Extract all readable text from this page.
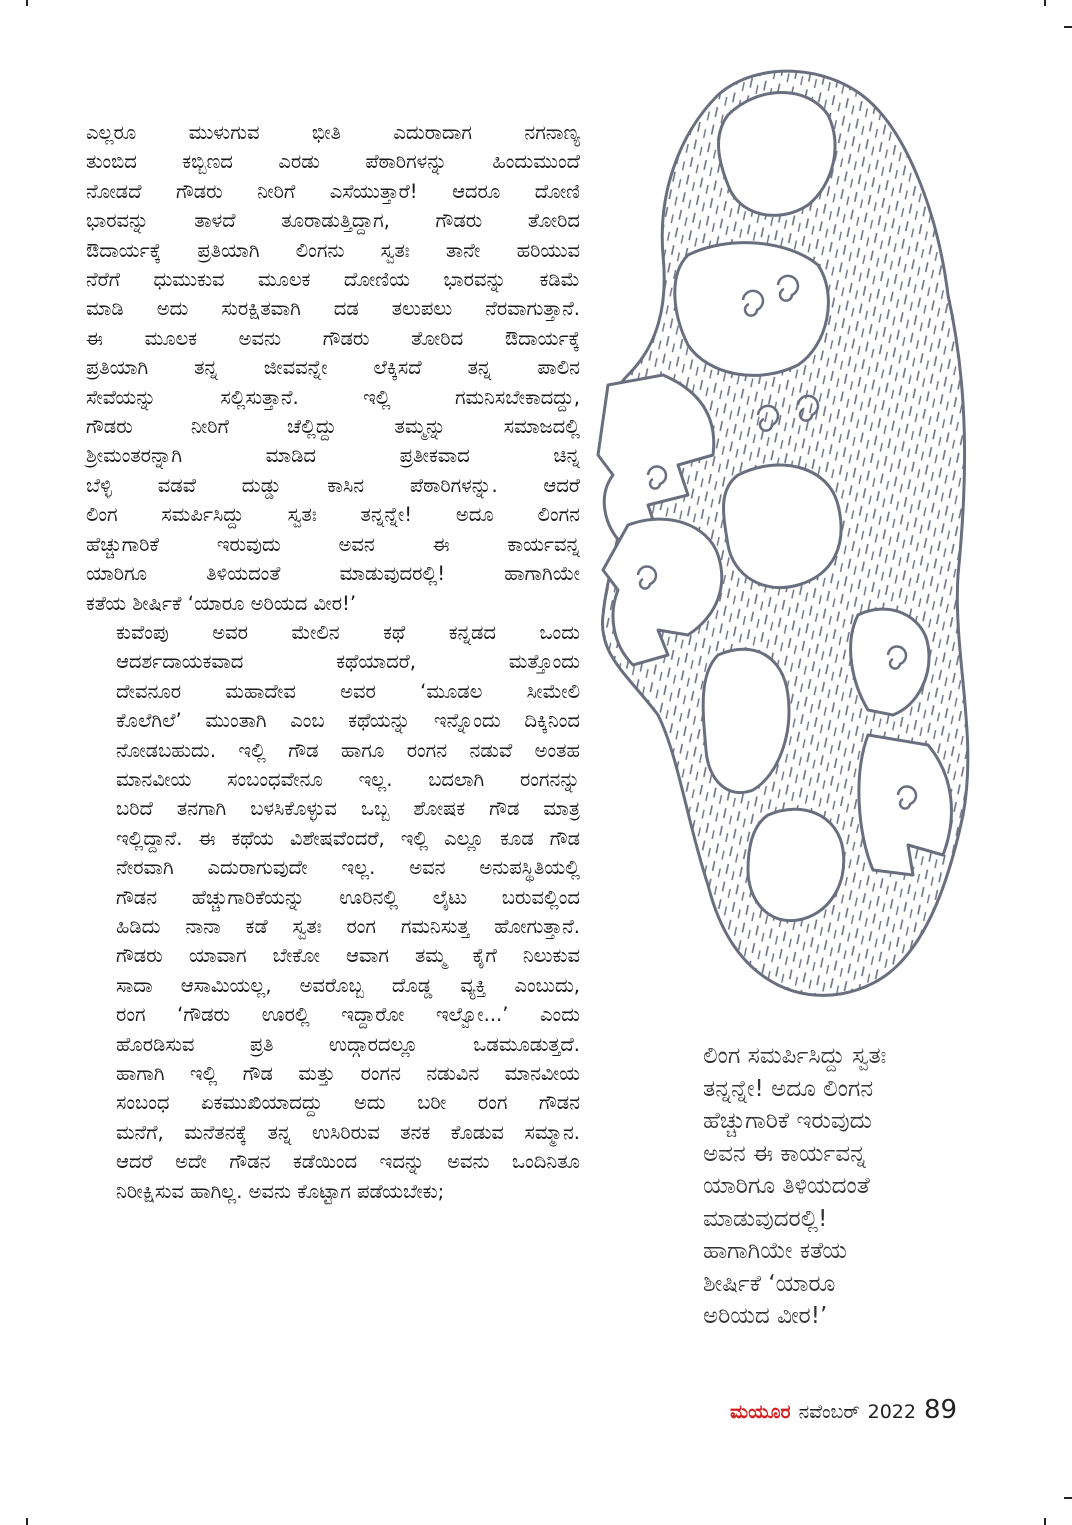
ಎಲ್ಲರೂ ಮುಳುಗುವ ಭೀತಿ ಎದುರಾದಾಗ ನಗನಾಣ್ಯ
ತುಂಬಿದ ಕಬ್ಬಿಣದ ಎರಡು ಪೆಠಾರಿಗಳನ್ನು ಹಿಂದುಮುಂದೆ
ನೋಡದೆ ಗೌಡರು ನೀರಿಗೆ ಎಸೆಯುತ್ತಾರೆ! ಆದರೂ ದೋಣಿ
ಭಾರವನ್ನು ತಾಳದೆ ತೂರಾಡುತ್ತಿದ್ದಾಗ, ಗೌಡರು ತೋರಿದ
ಔದಾರ್ಯಕ್ಕೆ ಪ್ರತಿಯಾಗಿ ಲಿಂಗನು ಸ್ವತಃ ತಾನೇ ಹರಿಯುವ
ನೆರೆಗೆ ಧುಮುಕುವ ಮೂಲಕ ದೋಣಿಯ ಭಾರವನ್ನು ಕಡಿಮೆ
ಮಾಡಿ ಅದು ಸುರಕ್ಷಿತವಾಗಿ ದಡ ತಲುಪಲು ನೆರವಾಗುತ್ತಾನೆ.
ಈ ಮೂಲಕ ಅವನು ಗೌಡರು ತೋರಿದ ಔದಾರ್ಯಕ್ಕೆ
ಪ್ರತಿಯಾಗಿ ತನ್ನ ಜೀವವನ್ನೇ ಲೆಕ್ಕಿಸದೆ ತನ್ನ ಪಾಲಿನ
ಸೇವೆಯನ್ನು ಸಲ್ಲಿಸುತ್ತಾನೆ. ಇಲ್ಲಿ ಗಮನಿಸಬೇಕಾದದ್ದು,
ಗೌಡರು ನೀರಿಗೆ ಚೆಲ್ಲಿದ್ದು ತಮ್ಮನ್ನು ಸಮಾಜದಲ್ಲಿ
ಶ್ರೀಮಂತರನ್ನಾಗಿ ಮಾಡಿದ ಪ್ರತೀಕವಾದ ಚಿನ್ನ
ಬೆಳ್ಳಿ ವಡವೆ ದುಡ್ಡು ಕಾಸಿನ ಪೆಠಾರಿಗಳನ್ನು. ಆದರೆ
ಲಿಂಗ ಸಮರ್ಪಿಸಿದ್ದು ಸ್ವತಃ ತನ್ನನ್ನೇ! ಅದೂ ಲಿಂಗನ
ಹೆಚ್ಚುಗಾರಿಕೆ ಇರುವುದು ಅವನ ಈ ಕಾರ್ಯವನ್ನ
ಯಾರಿಗೂ ತಿಳಿಯದಂತೆ ಮಾಡುವುದರಲ್ಲಿ! ಹಾಗಾಗಿಯೇ
ಕತೆಯ ಶೀರ್ಷಿಕೆ ‘ಯಾರೂ ಅರಿಯದ ವೀರ!’

ಕುವೆಂಪು ಅವರ ಮೇಲಿನ ಕಥೆ ಕನ್ನಡದ ಒಂದು
ಆದರ್ಶದಾಯಕವಾದ ಕಥೆಯಾದರೆ, ಮತ್ತೊಂದು
ದೇವನೂರ ಮಹಾದೇವ ಅವರ ‘ಮೂಡಲ ಸೀಮೇಲಿ
ಕೊಲೆಗಿಲೆ’ ಮುಂತಾಗಿ ಎಂಬ ಕಥೆಯನ್ನು ಇನ್ನೊಂದು ದಿಕ್ಕಿನಿಂದ
ನೋಡಬಹುದು. ಇಲ್ಲಿ ಗೌಡ ಹಾಗೂ ರಂಗನ ನಡುವೆ ಅಂತಹ
ಮಾನವೀಯ ಸಂಬಂಧವೇನೂ ಇಲ್ಲ. ಬದಲಾಗಿ ರಂಗನನ್ನು
ಬರಿದೆ ತನಗಾಗಿ ಬಳಸಿಕೊಳ್ಳುವ ಒಬ್ಬ ಶೋಷಕ ಗೌಡ ಮಾತ್ರ
ಇಲ್ಲಿದ್ದಾನೆ. ಈ ಕಥೆಯ ವಿಶೇಷವೆಂದರೆ, ಇಲ್ಲಿ ಎಲ್ಲೂ ಕೂಡ ಗೌಡ
ನೇರವಾಗಿ ಎದುರಾಗುವುದೇ ಇಲ್ಲ. ಅವನ ಅನುಪಸ್ಥಿತಿಯಲ್ಲಿ
ಗೌಡನ ಹೆಚ್ಚುಗಾರಿಕೆಯನ್ನು ಊರಿನಲ್ಲಿ ಲೈಟು ಬರುವಲ್ಲಿಂದ
ಹಿಡಿದು ನಾನಾ ಕಡೆ ಸ್ವತಃ ರಂಗ ಗಮನಿಸುತ್ತ ಹೋಗುತ್ತಾನೆ.
ಗೌಡರು ಯಾವಾಗ ಬೇಕೋ ಆವಾಗ ತಮ್ಮ ಕೈಗೆ ನಿಲುಕುವ
ಸಾದಾ ಆಸಾಮಿಯಲ್ಲ, ಅವರೊಬ್ಬ ದೊಡ್ಡ ವ್ಯಕ್ತಿ ಎಂಬುದು,
ರಂಗ ‘ಗೌಡರು ಊರಲ್ಲಿ ಇದ್ದಾರೋ ಇಲ್ವೋ...’ ಎಂದು
ಹೊರಡಿಸುವ ಪ್ರತಿ ಉದ್ಗಾರದಲ್ಲೂ ಒಡಮೂಡುತ್ತದೆ.
ಹಾಗಾಗಿ ಇಲ್ಲಿ ಗೌಡ ಮತ್ತು ರಂಗನ ನಡುವಿನ ಮಾನವೀಯ
ಸಂಬಂಧ ಏಕಮುಖಿಯಾದದ್ದು ಅದು ಬರೀ ರಂಗ ಗೌಡನ
ಮನೆಗೆ, ಮನೆತನಕ್ಕೆ ತನ್ನ ಉಸಿರಿರುವ ತನಕ ಕೊಡುವ ಸಮ್ಮಾನ.
ಆದರೆ ಅದೇ ಗೌಡನ ಕಡೆಯಿಂದ ಇದನ್ನು ಅವನು ಒಂದಿನಿತೂ
ನಿರೀಕ್ಷಿಸುವ ಹಾಗಿಲ್ಲ. ಅವನು ಕೊಟ್ಟಾಗ ಪಡೆಯಬೇಕು;

ಲಿಂಗ ಸಮರ್ಪಿಸಿದ್ದು ಸ್ವತಃ
ತನ್ನನ್ನೇ! ಅದೂ ಲಿಂಗನ
ಹೆಚ್ಚುಗಾರಿಕೆ ಇರುವುದು
ಅವನ ಈ ಕಾರ್ಯವನ್ನ
ಯಾರಿಗೂ ತಿಳಿಯದಂತೆ
ಮಾಡುವುದರಲ್ಲಿ!
ಹಾಗಾಗಿಯೇ ಕತೆಯ
ಶೀರ್ಷಿಕೆ ‘ಯಾರೂ
ಅರಿಯದ ವೀರ!’
ಮಯೂರ ನವೆಂಬರ್ 2022 89
